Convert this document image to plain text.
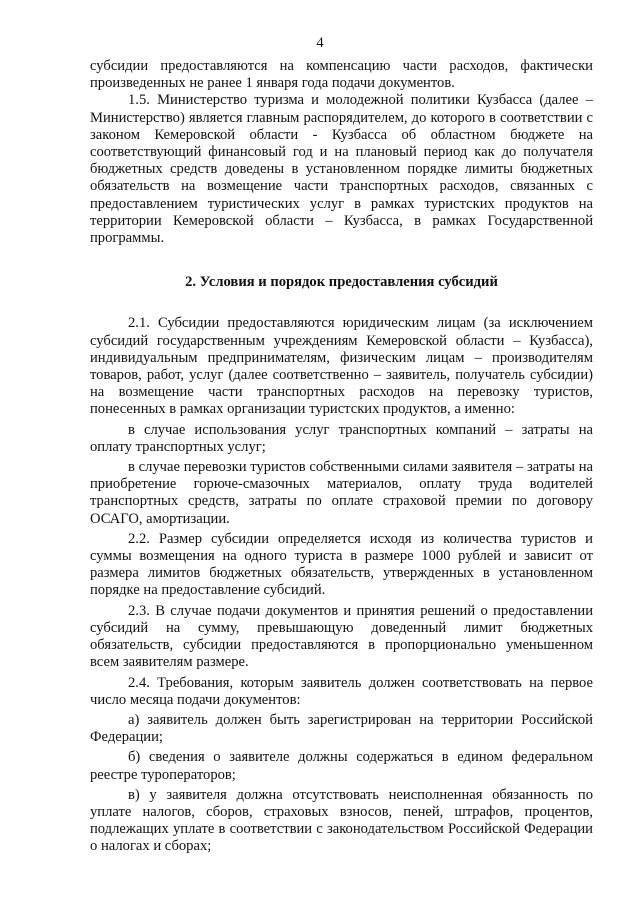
4

субсидии предоставляются на компенсацию части расходов, фактически произведенных не ранее 1 января года подачи документов.

1.5. Министерство туризма и молодежной политики Кузбасса (далее – Министерство) является главным распорядителем, до которого в соответствии с законом Кемеровской области - Кузбасса об областном бюджете на соответствующий финансовый год и на плановый период как до получателя бюджетных средств доведены в установленном порядке лимиты бюджетных обязательств на возмещение части транспортных расходов, связанных с предоставлением туристических услуг в рамках туристских продуктов на территории Кемеровской области – Кузбасса, в рамках Государственной программы.

2. Условия и порядок предоставления субсидий

2.1. Субсидии предоставляются юридическим лицам (за исключением субсидий государственным учреждениям Кемеровской области – Кузбасса), индивидуальным предпринимателям, физическим лицам – производителям товаров, работ, услуг (далее соответственно – заявитель, получатель субсидии) на возмещение части транспортных расходов на перевозку туристов, понесенных в рамках организации туристских продуктов, а именно:

в случае использования услуг транспортных компаний – затраты на оплату транспортных услуг;

в случае перевозки туристов собственными силами заявителя – затраты на приобретение горюче-смазочных материалов, оплату труда водителей транспортных средств, затраты по оплате страховой премии по договору ОСАГО, амортизации.

2.2. Размер субсидии определяется исходя из количества туристов и суммы возмещения на одного туриста в размере 1000 рублей и зависит от размера лимитов бюджетных обязательств, утвержденных в установленном порядке на предоставление субсидий.

2.3. В случае подачи документов и принятия решений о предоставлении субсидий на сумму, превышающую доведенный лимит бюджетных обязательств, субсидии предоставляются в пропорционально уменьшенном всем заявителям размере.

2.4. Требования, которым заявитель должен соответствовать на первое число месяца подачи документов:

а) заявитель должен быть зарегистрирован на территории Российской Федерации;

б) сведения о заявителе должны содержаться в едином федеральном реестре туроператоров;

в) у заявителя должна отсутствовать неисполненная обязанность по уплате налогов, сборов, страховых взносов, пеней, штрафов, процентов, подлежащих уплате в соответствии с законодательством Российской Федерации о налогах и сборах;
